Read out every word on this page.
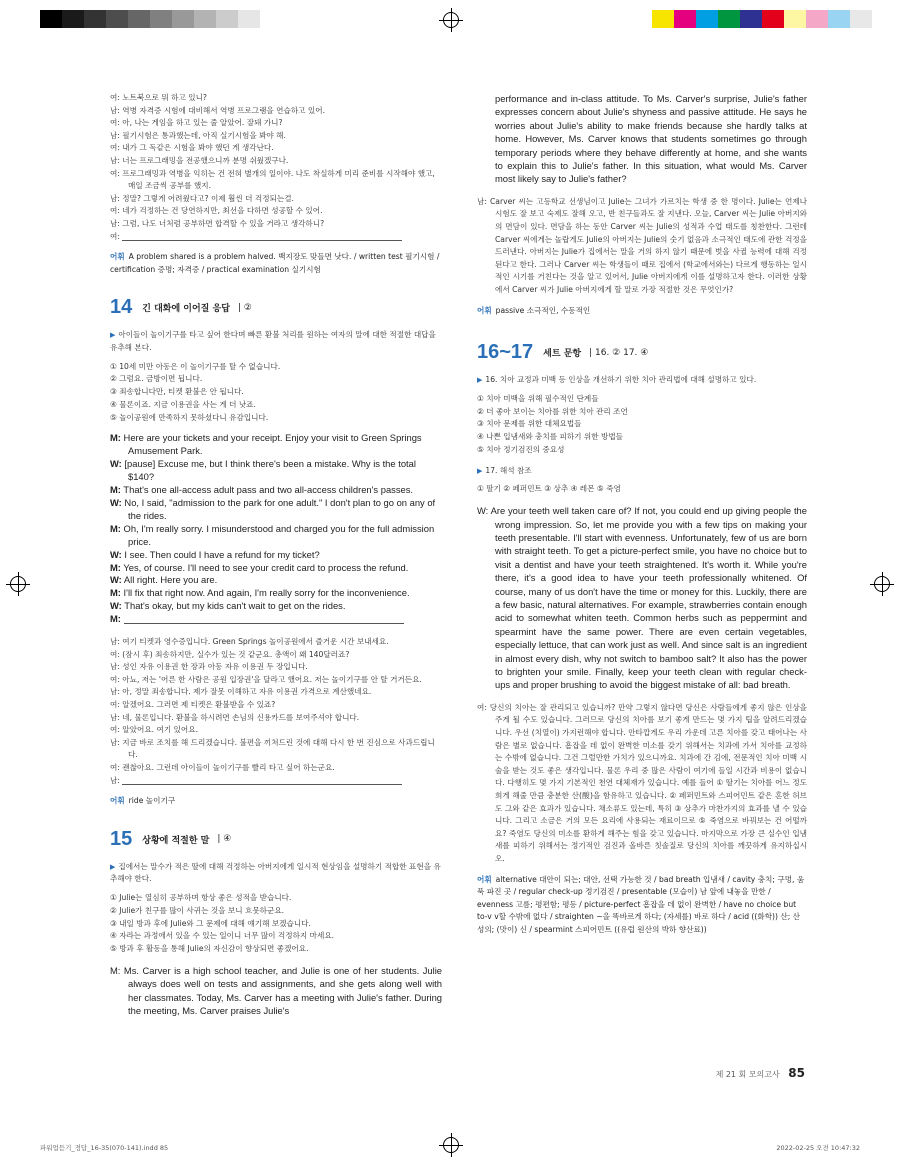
여: 노트북으로 뭐 하고 있니?

남: 역병 자격증 시험에 대비해서 역병 프로그램을 연습하고 있어.

여: 아, 나는 게임을 하고 있는 줄 알았어. 잘돼 가니?

남: 필기시험은 통과했는데, 아직 실기시험을 봐야 해.

여: 내가 그 독같은 시험을 봐야 했던 게 생각난다.

남: 너는 프로그래밍을 전공했으니까 분명 쉬웠겠구나.

여: 프로그래밍과 역병을 익히는 건 전혀 별개의 일이야. 나도 착실하게 미리 준비를 시작해야 했고, 매일 조금씩 공부를 했지.

남: 정말? 그렇게 어려웠다고? 이제 훨씬 더 걱정되는걸.

여: 네가 걱정하는 건 당연하지만, 최선을 다하면 성공할 수 있어.

남: 그럼, 나도 너처럼 공부하면 합격할 수 있을 거라고 생각하니?

여:

어휘 A problem shared is a problem halved. 백지장도 맞들면 낫다. / written test 필기시험 / certification 증명; 자격증 / practical examination 실기시험

14 긴 대화에 이어질 응답 | ②

▶ 아이들이 놀이기구를 타고 싶어 한다며 빠른 환불 처리를 원하는 여자의 말에 대한 적절한 대답을 유추해 본다.

① 10세 미만 아동은 이 놀이기구를 탈 수 없습니다.

② 그럼요. 금방이면 됩니다.

③ 죄송합니다만, 티켓 환불은 안 됩니다.

④ 물론이죠. 지금 이용권을 사는 게 더 낫죠.

⑤ 놀이공원에 만족하지 못하셨다니 유감입니다.

M: Here are your tickets and your receipt. Enjoy your visit to Green Springs Amusement Park.

W: [pause] Excuse me, but I think there's been a mistake. Why is the total $140?

M: That's one all-access adult pass and two all-access children's passes.

W: No, I said, "admission to the park for one adult." I don't plan to go on any of the rides.

M: Oh, I'm really sorry. I misunderstood and charged you for the full admission price.

W: I see. Then could I have a refund for my ticket?

M: Yes, of course. I'll need to see your credit card to process the refund.

W: All right. Here you are.

M: I'll fix that right now. And again, I'm really sorry for the inconvenience.

W: That's okay, but my kids can't wait to get on the rides.

M:

남: 여기 티켓과 영수증입니다. Green Springs 놀이공원에서 즐거운 시간 보내세요.

여: (잠시 후) 죄송하지만, 실수가 있는 것 같군요. 총액이 왜 140달러죠?

남: 성인 자유 이용권 한 장과 아동 자유 이용권 두 장입니다.

여: 아뇨, 저는 '어른 한 사람은 공원 입장권'을 달라고 했어요. 저는 놀이기구를 안 탈 거거든요.

남: 아, 정말 죄송합니다. 제가 잘못 이해하고 자유 이용권 가격으로 계산했네요.

여: 알겠어요. 그러면 제 티켓은 환불받을 수 있죠?

남: 네, 물론입니다. 환불을 하시려면 손님의 신용카드를 보여주셔야 합니다.

여: 알았어요. 여기 있어요.

남: 지금 바로 조치를 해 드리겠습니다. 불편을 끼쳐드린 것에 대해 다시 한 번 진심으로 사과드립니다.

여: 괜찮아요. 그런데 아이들이 놀이기구를 빨리 타고 싶어 하는군요.

남:

어휘 ride 놀이기구

15 상황에 적절한 말 | ④

▶ 집에서는 말수가 적은 딸에 대해 걱정하는 아버지에게 일시적 현상임을 설명하기 적합한 표현을 유추해야 한다.

① Julie는 열심히 공부하며 항상 좋은 성적을 받습니다.

② Julie가 친구를 많이 사귀는 것을 보니 흐뭇하군요.

③ 내일 방과 후에 Julie와 그 문제에 대해 얘기해 보겠습니다.

④ 자라는 과정에서 있을 수 있는 일이니 너무 많이 걱정하지 마세요.

⑤ 방과 후 활동을 통해 Julie의 자신감이 향상되면 좋겠어요.

M: Ms. Carver is a high school teacher, and Julie is one of her students. Julie always does well on tests and assignments, and she gets along well with her classmates. Today, Ms. Carver has a meeting with Julie's father. During the meeting, Ms. Carver praises Julie's

performance and in-class attitude. To Ms. Carver's surprise, Julie's father expresses concern about Julie's shyness and passive attitude. He says he worries about Julie's ability to make friends because she hardly talks at home. However, Ms. Carver knows that students sometimes go through temporary periods where they behave differently at home, and she wants to explain this to Julie's father. In this situation, what would Ms. Carver most likely say to Julie's father?

남: Carver 씨는 고등학교 선생님이고 Julie는 그녀가 가르치는 학생 중 한 명이다. Julie는 언제나 시험도 잘 보고 숙제도 잘해 오고, 반 친구들과도 잘 지낸다. 오늘, Carver 씨는 Julie 아버지와의 면담이 있다. 면담을 하는 동안 Carver 씨는 Julie의 성적과 수업 태도를 칭찬한다. 그런데 Carver 씨에게는 놀랍게도 Julie의 아버지는 Julie의 숫기 없음과 소극적인 태도에 관한 걱정을 드러낸다. 아버지는 Julie가 집에서는 말을 거의 하지 않기 때문에 벗을 사귈 능력에 대해 걱정된다고 한다. 그러나 Carver 씨는 학생들이 때로 집에서 (학교에서와는) 다르게 행동하는 일시적인 시기를 거친다는 것을 알고 있어서, Julie 아버지에게 이를 설명하고자 한다. 이러한 상황에서 Carver 씨가 Julie 아버지에게 할 말로 가장 적절한 것은 무엇인가?

어휘 passive 소극적인, 수동적인

16~17 세트 문항 | 16. ② 17. ④

▶ 16. 치아 교정과 미백 등 인상을 개선하기 위한 치아 관리법에 대해 설명하고 있다.

① 치아 미백을 위해 필수적인 단계들

② 더 좋아 보이는 치아를 위한 치아 관리 조언

③ 치아 문제를 위한 대체요법들

④ 나쁜 입냄새와 충치를 피하기 위한 방법들

⑤ 치아 정기검진의 중요성

▶ 17. 해석 참조

① 딸기 ② 페퍼민트 ③ 상추 ④ 레몬 ⑤ 죽염

W: Are your teeth well taken care of? If not, you could end up giving people the wrong impression. So, let me provide you with a few tips on making your teeth presentable. I'll start with evenness. Unfortunately, few of us are born with straight teeth. To get a picture-perfect smile, you have no choice but to visit a dentist and have your teeth straightened. It's worth it. While you're there, it's a good idea to have your teeth professionally whitened. Of course, many of us don't have the time or money for this. Luckily, there are a few basic, natural alternatives. For example, strawberries contain enough acid to somewhat whiten teeth. Common herbs such as peppermint and spearmint have the same power. There are even certain vegetables, especially lettuce, that can work just as well. And since salt is an ingredient in almost every dish, why not switch to bamboo salt? It also has the power to brighten your smile. Finally, keep your teeth clean with regular check-ups and proper brushing to avoid the biggest mistake of all: bad breath.

여: 당신의 치아는 잘 관리되고 있습니까? 만약 그렇지 않다면 당신은 사람들에게 좋지 않은 인상을 주게 될 수도 있습니다. 그러므로 당신의 치아를 보기 좋게 만드는 몇 가지 팁을 알려드리겠습니다. 우선 (치열이) 가지런해야 합니다. 안타깝게도 우리 가운데 고른 치아를 갖고 태어나는 사람은 별로 없습니다. 흠잡을 데 없이 완벽한 미소를 갖기 위해서는 치과에 가서 치아를 교정하는 수밖에 없습니다. 그건 그럴만한 가치가 있으니까요. 치과에 간 김에, 전문적인 치아 미백 시술을 받는 것도 좋은 생각입니다. 물론 우리 중 많은 사람이 여기에 들일 시간과 비용이 없습니다. 다행히도 몇 가지 기본적인 천연 대체재가 있습니다. 예를 들어 ① 딸기는 치아를 어느 정도 희게 해줄 만큼 충분한 산(酸)을 함유하고 있습니다. ② 페퍼민트와 스피어민트 같은 흔한 허브도 그와 같은 효과가 있습니다. 채소류도 있는데, 특히 ③ 상추가 마찬가지의 효과를 낼 수 있습니다. 그리고 소금은 거의 모든 요리에 사용되는 재료이므로 ⑤ 죽염으로 바꿔보는 건 어떨까요? 죽염도 당신의 미소를 환하게 해주는 힘을 갖고 있습니다. 마지막으로 가장 큰 실수인 입냄새를 피하기 위해서는 정기적인 검진과 올바른 칫솔질로 당신의 치아를 깨끗하게 유지하십시오.

어휘 alternative 대안이 되는; 대안, 선택 가능한 것 / bad breath 입냄새 / cavity 충치; 구멍, 움푹 파진 곳 / regular check-up 정기검진 / presentable (모습이) 남 앞에 내놓을 만한 / evenness 고름; 평편함; 평등 / picture-perfect 흠잡을 데 없이 완벽한 / have no choice but to-v v할 수밖에 없다 / straighten ~을 똑바르게 하다; (자세를) 바로 하다 / acid ((화학)) 산; 산성의; (맛이) 신 / spearmint 스피어민트 ((유럽 원산의 박하 향산료))

제 21 회 모의고사 85
파워업듣기_정답_16-35(070-141).indd 85	2022-02-25 오전 10:47:32
